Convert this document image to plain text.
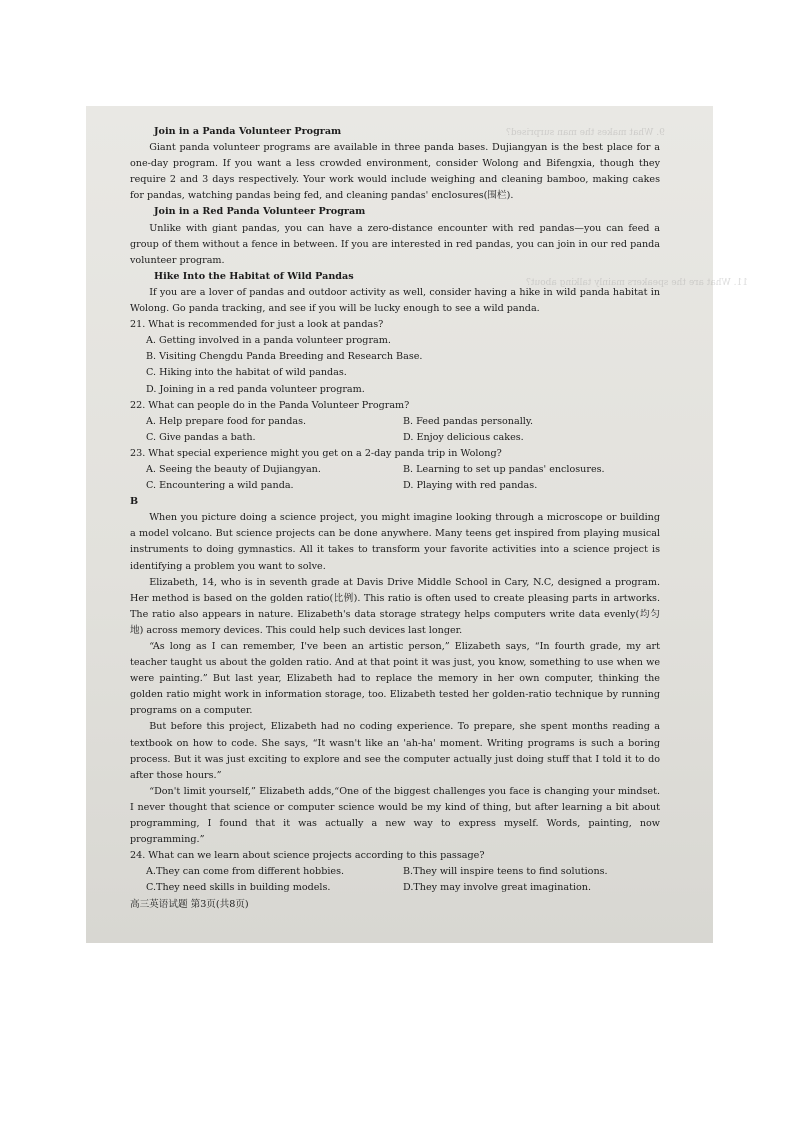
9. What makes the man surprised?
11. What are the speakers mainly talking about?

Join in a Panda Volunteer Program

Giant panda volunteer programs are available in three panda bases. Dujiangyan is the best place for a one-day program. If you want a less crowded environment, consider Wolong and Bifengxia, though they require 2 and 3 days respectively. Your work would include weighing and cleaning bamboo, making cakes for pandas, watching pandas being fed, and cleaning pandas' enclosures(围栏).

Join in a Red Panda Volunteer Program

Unlike with giant pandas, you can have a zero-distance encounter with red pandas—you can feed a group of them without a fence in between. If you are interested in red pandas, you can join in our red panda volunteer program.

Hike Into the Habitat of Wild Pandas

If you are a lover of pandas and outdoor activity as well, consider having a hike in wild panda habitat in Wolong. Go panda tracking, and see if you will be lucky enough to see a wild panda.

21. What is recommended for just a look at pandas?

A. Getting involved in a panda volunteer program.
B. Visiting Chengdu Panda Breeding and Research Base.
C. Hiking into the habitat of wild pandas.
D. Joining in a red panda volunteer program.

22. What can people do in the Panda Volunteer Program?

A. Help prepare food for pandas.	B. Feed pandas personally.
C. Give pandas a bath.	D. Enjoy delicious cakes.

23. What special experience might you get on a 2-day panda trip in Wolong?

A. Seeing the beauty of Dujiangyan.	B. Learning to set up pandas' enclosures.
C. Encountering a wild panda.	D. Playing with red pandas.

B

When you picture doing a science project, you might imagine looking through a microscope or building a model volcano. But science projects can be done anywhere. Many teens get inspired from playing musical instruments to doing gymnastics. All it takes to transform your favorite activities into a science project is identifying a problem you want to solve.

Elizabeth, 14, who is in seventh grade at Davis Drive Middle School in Cary, N.C, designed a program. Her method is based on the golden ratio(比例). This ratio is often used to create pleasing parts in artworks. The ratio also appears in nature. Elizabeth's data storage strategy helps computers write data evenly(均匀地) across memory devices. This could help such devices last longer.

“As long as I can remember, I've been an artistic person,” Elizabeth says, “In fourth grade, my art teacher taught us about the golden ratio. And at that point it was just, you know, something to use when we were painting.” But last year, Elizabeth had to replace the memory in her own computer, thinking the golden ratio might work in information storage, too. Elizabeth tested her golden-ratio technique by running programs on a computer.

But before this project, Elizabeth had no coding experience. To prepare, she spent months reading a textbook on how to code. She says, “It wasn't like an 'ah-ha' moment. Writing programs is such a boring process. But it was just exciting to explore and see the computer actually just doing stuff that I told it to do after those hours.”

“Don't limit yourself,” Elizabeth adds,“One of the biggest challenges you face is changing your mindset. I never thought that science or computer science would be my kind of thing, but after learning a bit about programming, I found that it was actually a new way to express myself. Words, painting, now programming.”

24. What can we learn about science projects according to this passage?

A.They can come from different hobbies.	B.They will inspire teens to find solutions.
C.They need skills in building models.	D.They may involve great imagination.

高三英语试题 第3页(共8页)
